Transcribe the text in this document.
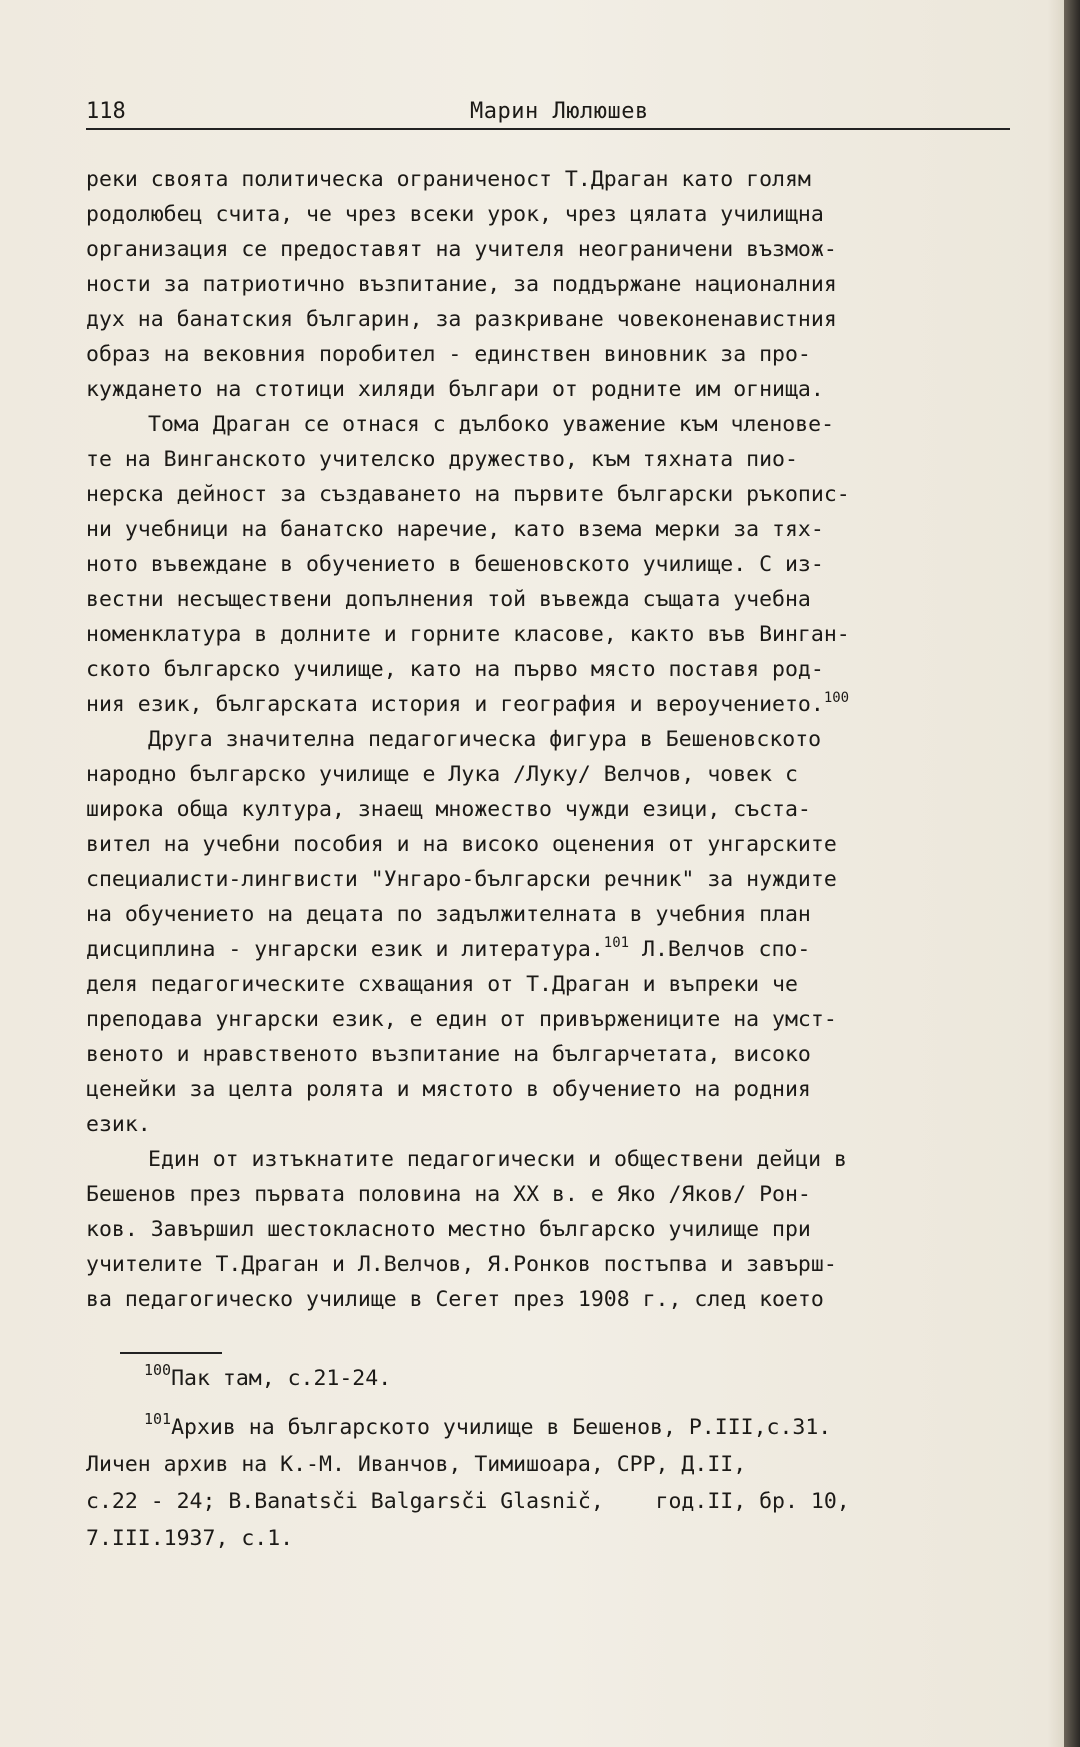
118	Марин Люлюшев
реки своята политическа ограниченост Т.Драган като голям
родолюбец счита, че чрез всеки урок, чрез цялата училищна
организация се предоставят на учителя неограничени възмож-
ности за патриотично възпитание, за поддържане националния
дух на банатския българин, за разкриване човеконенавистния
образ на вековния поробител - единствен виновник за про-
куждането на стотици хиляди българи от родните им огнища.
Тома Драган се отнася с дълбоко уважение към членове-
те на Винганското учителско дружество, към тяхната пио-
нерска дейност за създаването на първите български ръкопис-
ни учебници на банатско наречие, като взема мерки за тях-
ното въвеждане в обучението в бешеновското училище. С из-
вестни несъществени допълнения той въвежда същата учебна
номенклатура в долните и горните класове, както във Винган-
ското българско училище, като на първо място поставя род-
ния език, българската история и география и вероучението.$^{100}$
Друга значителна педагогическа фигура в Бешеновското
народно българско училище е Лука /Луку/ Велчов, човек с
широка обща култура, знаещ множество чужди езици, съста-
вител на учебни пособия и на високо оценения от унгарските
специалисти-лингвисти "Унгаро-български речник" за нуждите
на обучението на децата по задължителната в учебния план
дисциплина - унгарски език и литература.$^{101}$ Л.Велчов спо-
деля педагогическите схващания от Т.Драган и въпреки че
преподава унгарски език, е един от привържениците на умст-
веното и нравственото възпитание на българчетата, високо
ценейки за целта ролята и мястото в обучението на родния
език.
Един от изтъкнатите педагогически и обществени дейци в
Бешенов през първата половина на ХХ в. е Яко /Яков/ Рон-
ков. Завършил шестокласното местно българско училище при
учителите Т.Драган и Л.Велчов, Я.Ронков постъпва и завърш-
ва педагогическо училище в Сегет през 1908 г., след което
$^{100}$Пак там, с.21-24.
$^{101}$Архив на българското училище в Бешенов, Р.III,с.31.
Личен архив на К.-М. Иванчов, Тимишоара, СРР, Д.II,
с.22 - 24; B.Banatsči Balgarsči Glasnič,    год.II, бр. 10,
7.III.1937, с.1.
